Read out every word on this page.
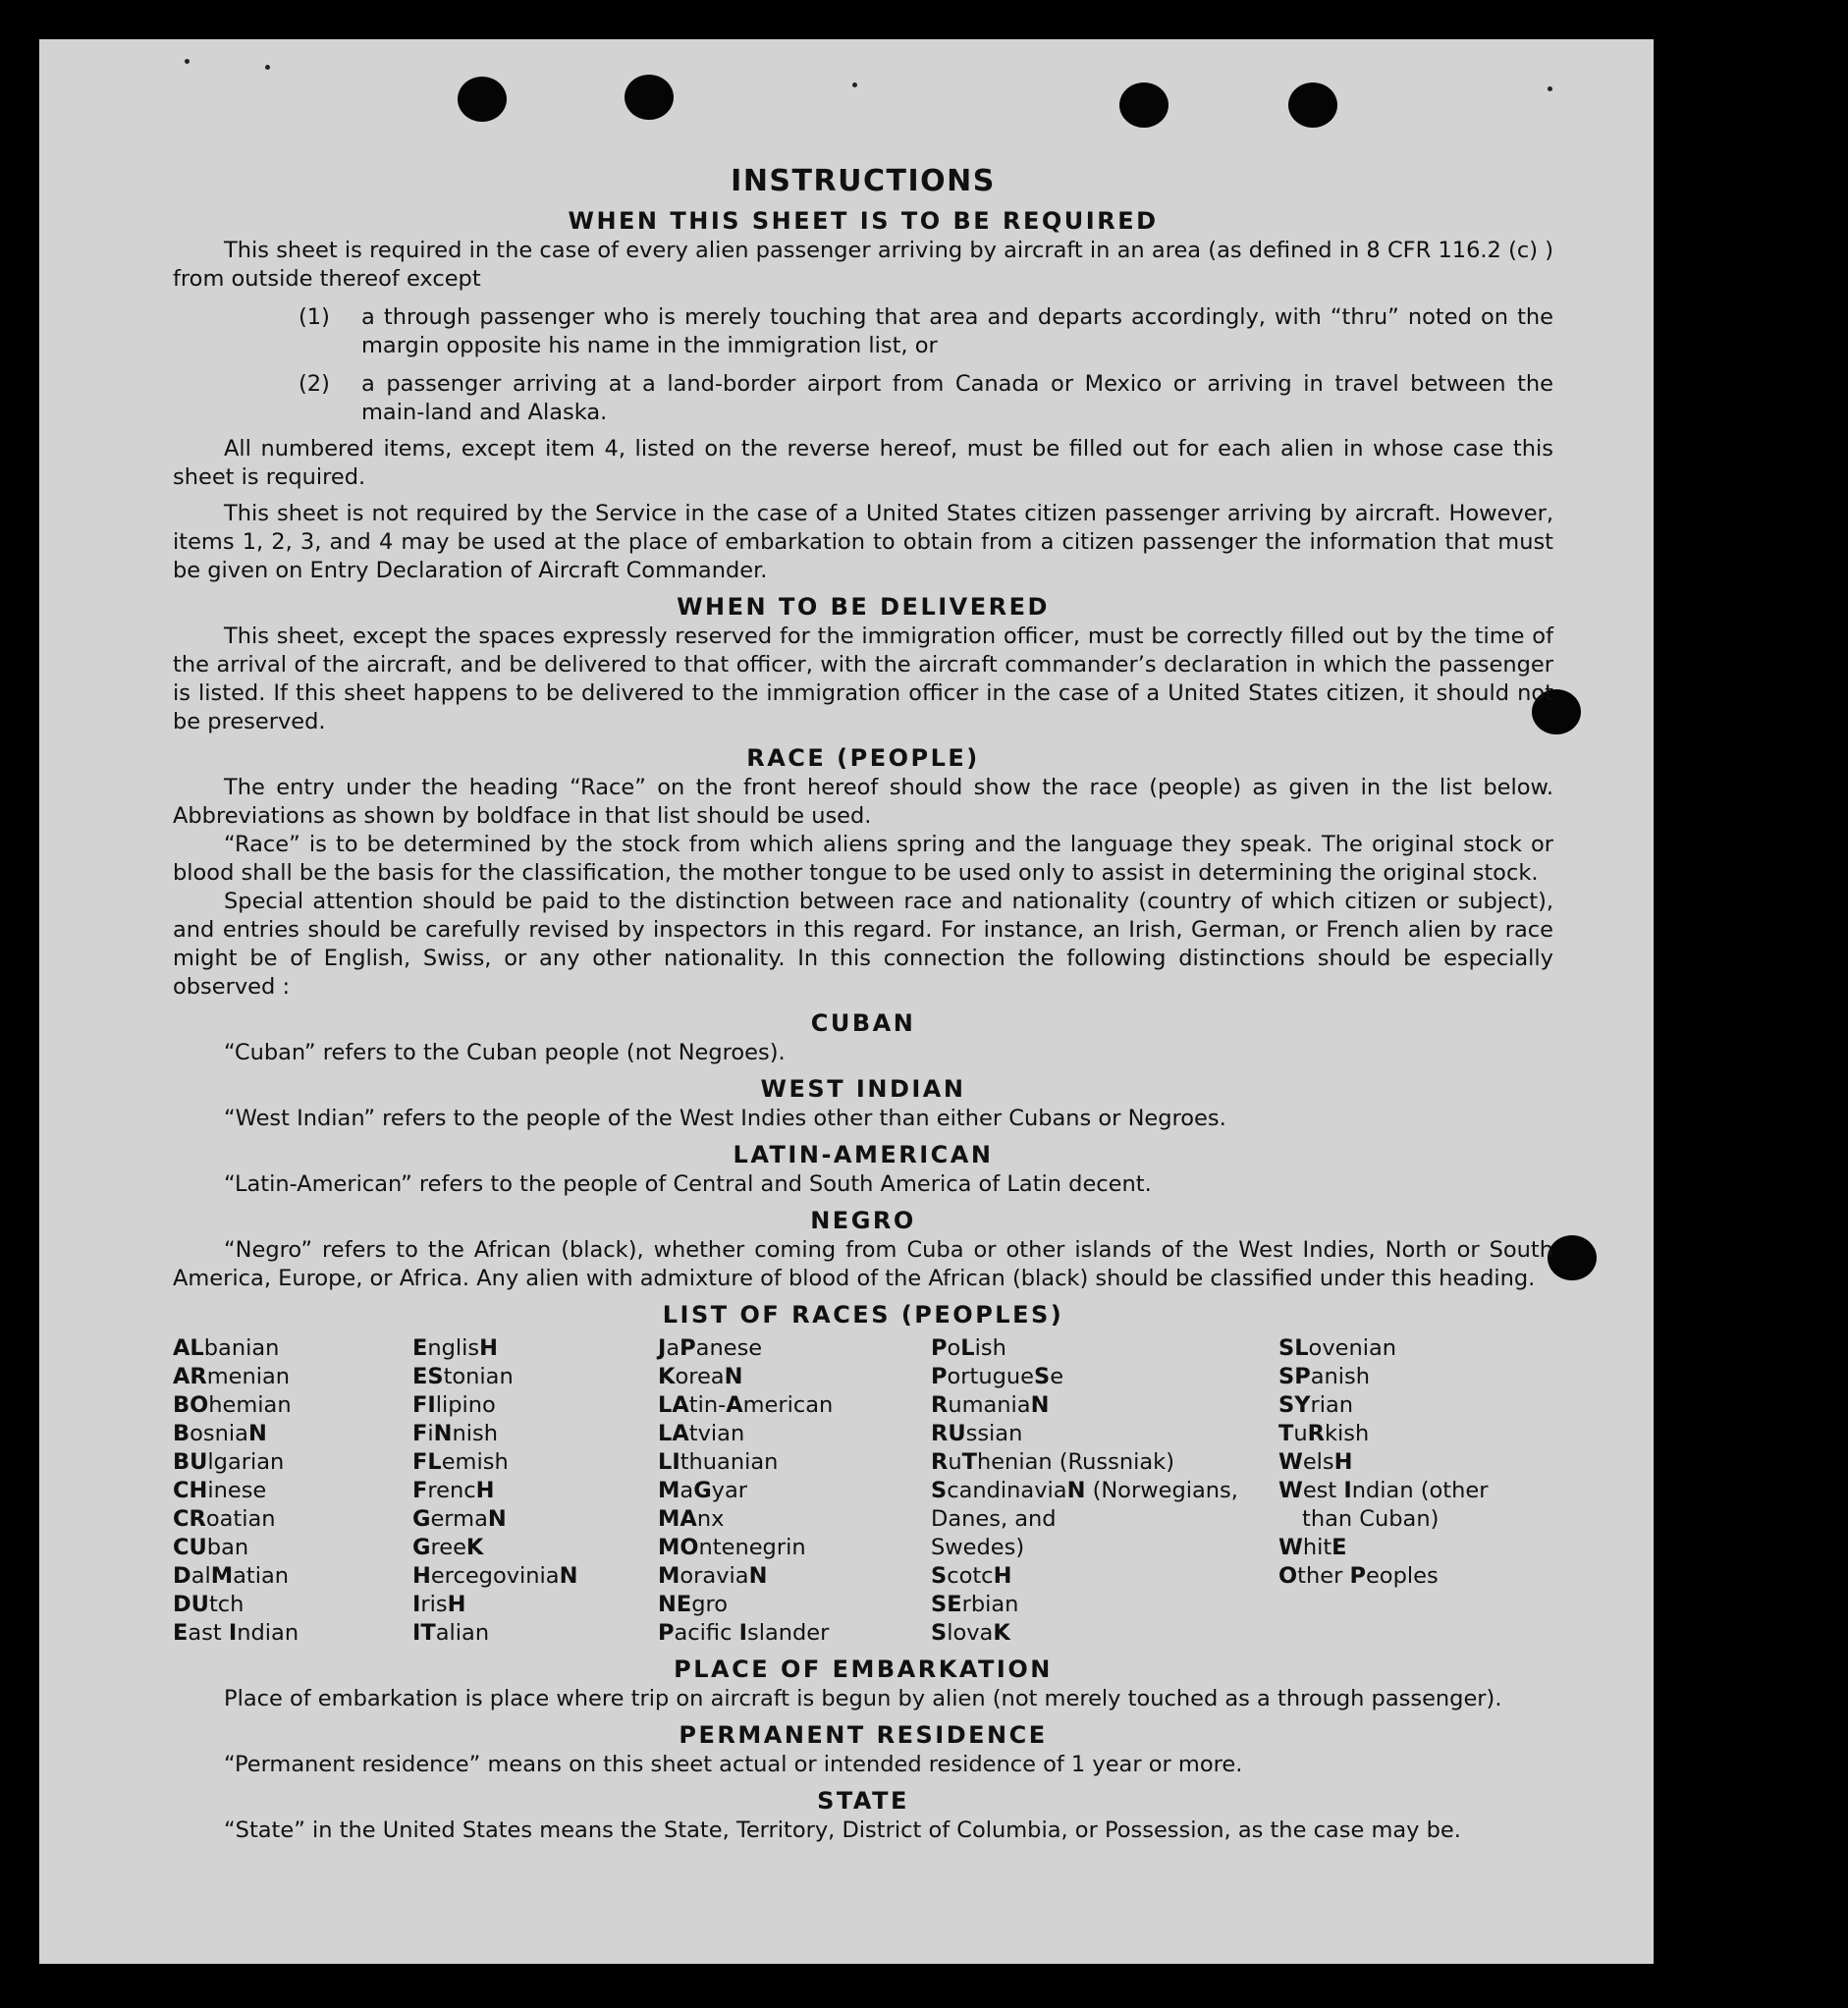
INSTRUCTIONS
WHEN THIS SHEET IS TO BE REQUIRED

This sheet is required in the case of every alien passenger arriving by aircraft in an area (as defined in 8 CFR 116.2 (c) ) from outside thereof except

(1)	a through passenger who is merely touching that area and departs accordingly, with “thru” noted on the margin opposite his name in the immigration list, or
(2)	a passenger arriving at a land-border airport from Canada or Mexico or arriving in travel between the main-land and Alaska.

All numbered items, except item 4, listed on the reverse hereof, must be filled out for each alien in whose case this sheet is required.

This sheet is not required by the Service in the case of a United States citizen passenger arriving by aircraft. However, items 1, 2, 3, and 4 may be used at the place of embarkation to obtain from a citizen passenger the information that must be given on Entry Declaration of Aircraft Commander.

WHEN TO BE DELIVERED

This sheet, except the spaces expressly reserved for the immigration officer, must be correctly filled out by the time of the arrival of the aircraft, and be delivered to that officer, with the aircraft commander’s declaration in which the passenger is listed. If this sheet happens to be delivered to the immigration officer in the case of a United States citizen, it should not be preserved.

RACE (PEOPLE)

The entry under the heading “Race” on the front hereof should show the race (people) as given in the list below. Abbreviations as shown by boldface in that list should be used.

“Race” is to be determined by the stock from which aliens spring and the language they speak. The original stock or blood shall be the basis for the classification, the mother tongue to be used only to assist in determining the original stock.

Special attention should be paid to the distinction between race and nationality (country of which citizen or subject), and entries should be carefully revised by inspectors in this regard. For instance, an Irish, German, or French alien by race might be of English, Swiss, or any other nationality. In this connection the following distinctions should be especially observed :

CUBAN

“Cuban” refers to the Cuban people (not Negroes).

WEST INDIAN

“West Indian” refers to the people of the West Indies other than either Cubans or Negroes.

LATIN-AMERICAN

“Latin-American” refers to the people of Central and South America of Latin decent.

NEGRO

“Negro” refers to the African (black), whether coming from Cuba or other islands of the West Indies, North or South America, Europe, or Africa. Any alien with admixture of blood of the African (black) should be classified under this heading.

LIST OF RACES (PEOPLES)
ALbanian
ARmenian
BOhemian
BosniaN
BUlgarian
CHinese
CRoatian
CUban
DalMatian
DUtch
East Indian
EnglisH
EStonian
FIlipino
FiNnish
FLemish
FrencH
GermaN
GreeK
HercegoviniaN
IrisH
ITalian
JaPanese
KoreaN
LAtin-American
LAtvian
LIthuanian
MaGyar
MAnx
MOntenegrin
MoraviaN
NEgro
Pacific Islander
PoLish
PortugueSe
RumaniaN
RUssian
RuThenian (Russniak)
ScandinaviaN (Norwegians,
Danes, and
Swedes)
ScotcH
SErbian
SlovaK
SLovenian
SPanish
SYrian
TuRkish
WelsH
West Indian (other
than Cuban)
WhitE
Other Peoples
PLACE OF EMBARKATION

Place of embarkation is place where trip on aircraft is begun by alien (not merely touched as a through passenger).

PERMANENT RESIDENCE

“Permanent residence” means on this sheet actual or intended residence of 1 year or more.

STATE

“State” in the United States means the State, Territory, District of Columbia, or Possession, as the case may be.
